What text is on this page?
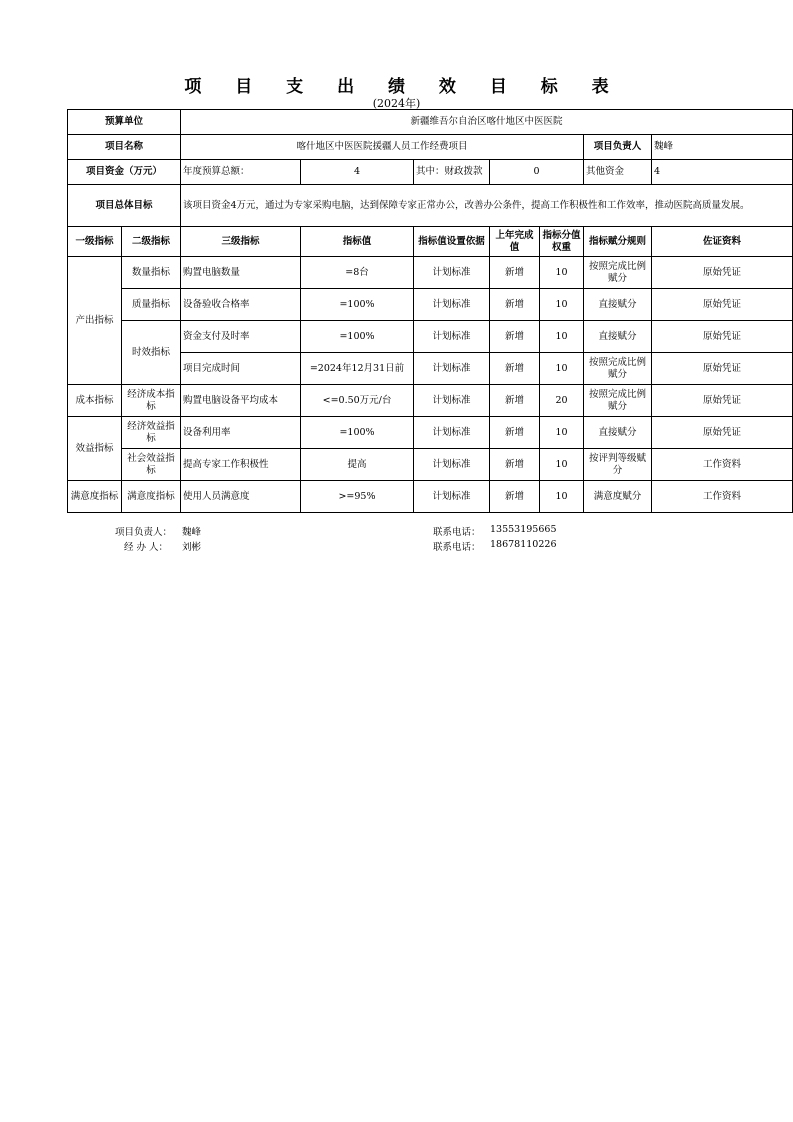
项 目 支 出 绩 效 目 标 表
(2024年)
预算单位		新疆维吾尔自治区喀什地区中医医院						
项目名称		喀什地区中医医院援疆人员工作经费项目					项目负责人	魏峰
项目资金（万元）		年度预算总额：	4	其中：财政拨款	0		其他资金	4
项目总体目标		该项目资金4万元，通过为专家采购电脑，达到保障专家正常办公，改善办公条件，提高工作积极性和工作效率，推动医院高质量发展。						
一级指标	二级指标	三级指标	指标值	指标值设置依据	上年完成值	指标分值权重	指标赋分规则	佐证资料
产出指标	数量指标	购置电脑数量	=8台	计划标准	新增	10	按照完成比例赋分	原始凭证
	质量指标	设备验收合格率	=100%	计划标准	新增	10	直接赋分	原始凭证
	时效指标	资金支付及时率	=100%	计划标准	新增	10	直接赋分	原始凭证
		项目完成时间	=2024年12月31日前	计划标准	新增	10	按照完成比例赋分	原始凭证
成本指标	经济成本指标	购置电脑设备平均成本	<=0.50万元/台	计划标准	新增	20	按照完成比例赋分	原始凭证
效益指标	经济效益指标	设备利用率	=100%	计划标准	新增	10	直接赋分	原始凭证
	社会效益指标	提高专家工作积极性	提高	计划标准	新增	10	按评判等级赋分	工作资料
满意度指标	满意度指标	使用人员满意度	>=95%	计划标准	新增	10	满意度赋分	工作资料
项目负责人： 魏峰	联系电话： 13553195665
经 办 人： 刘彬	联系电话： 18678110226
